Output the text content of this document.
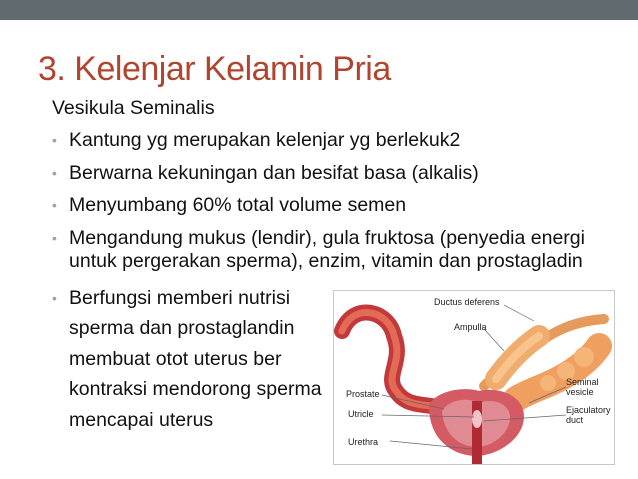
3. Kelenjar Kelamin Pria
Vesikula Seminalis
• Kantung yg merupakan kelenjar yg berlekuk2
• Berwarna kekuningan dan besifat basa (alkalis)
• Menyumbang 60% total volume semen
• Mengandung mukus (lendir), gula fruktosa (penyedia energi untuk pergerakan sperma), enzim, vitamin dan prostagladin
• Berfungsi memberi nutrisi sperma dan prostaglandin membuat otot uterus ber kontraksi mendorong sperma mencapai uterus
Ductus deferens
Ampulla
Seminal
vesicle
Prostate
Utricle	Ejaculatory
duct
Urethra
